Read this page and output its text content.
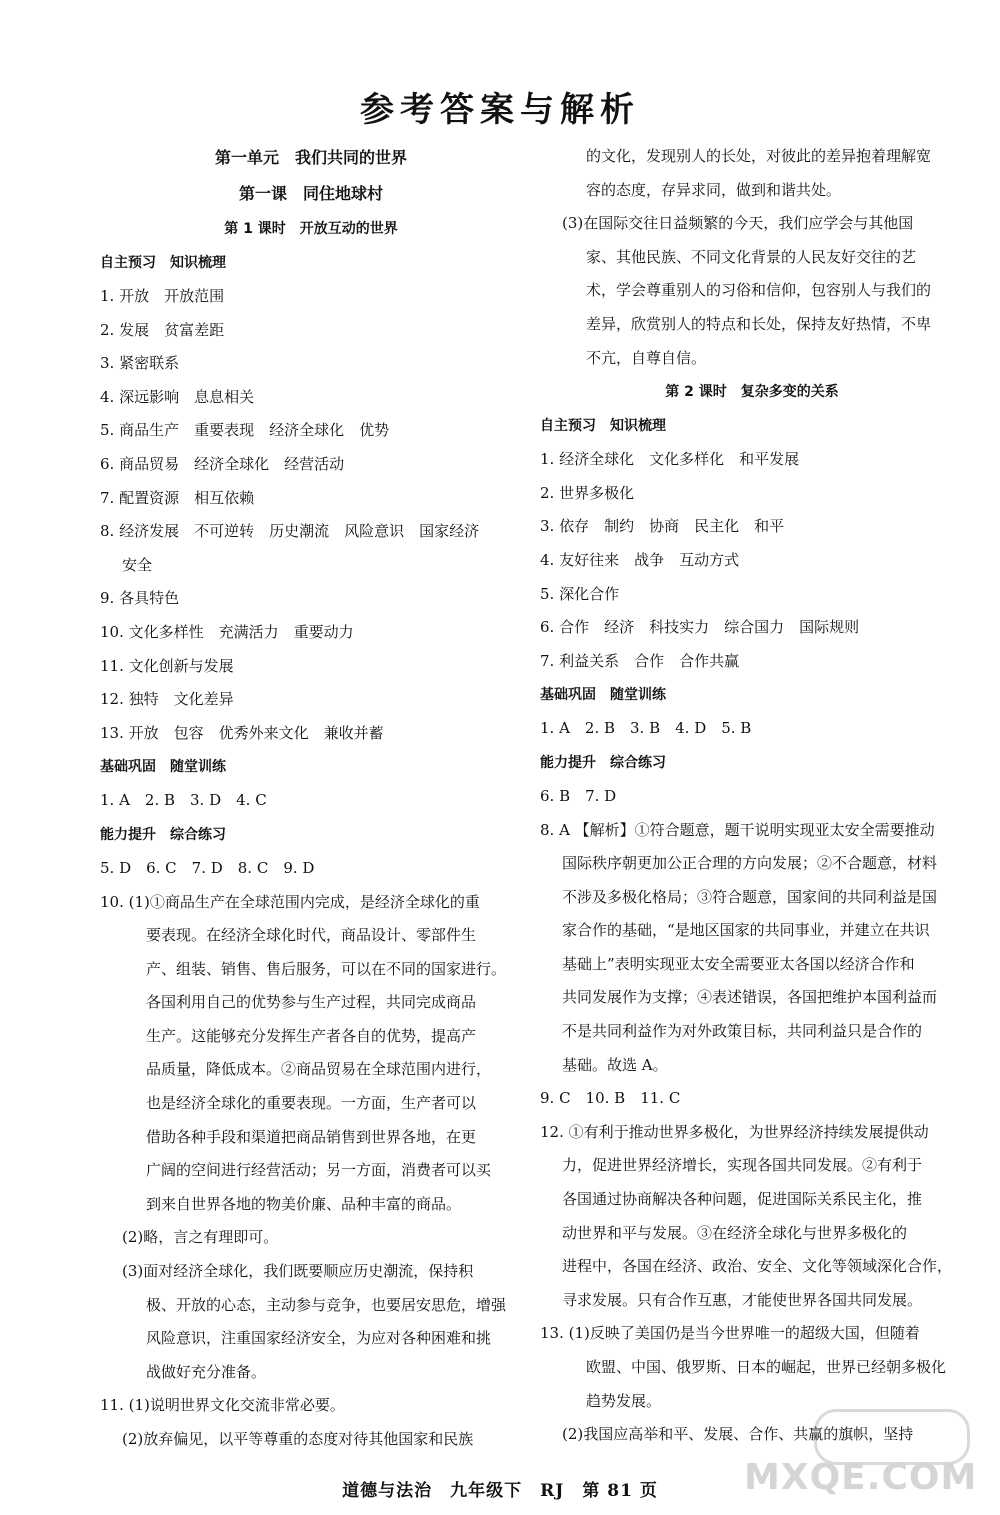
参考答案与解析
第一单元　我们共同的世界
第一课　同住地球村
第 1 课时　开放互动的世界
自主预习　知识梳理
1. 开放　开放范围
2. 发展　贫富差距
3. 紧密联系
4. 深远影响　息息相关
5. 商品生产　重要表现　经济全球化　优势
6. 商品贸易　经济全球化　经营活动
7. 配置资源　相互依赖
8. 经济发展　不可逆转　历史潮流　风险意识　国家经济
安全
9. 各具特色
10. 文化多样性　充满活力　重要动力
11. 文化创新与发展
12. 独特　文化差异
13. 开放　包容　优秀外来文化　兼收并蓄
基础巩固　随堂训练
1. A　2. B　3. D　4. C
能力提升　综合练习
5. D　6. C　7. D　8. C　9. D
10. (1)①商品生产在全球范围内完成，是经济全球化的重
要表现。在经济全球化时代，商品设计、零部件生
产、组装、销售、售后服务，可以在不同的国家进行。
各国利用自己的优势参与生产过程，共同完成商品
生产。这能够充分发挥生产者各自的优势，提高产
品质量，降低成本。②商品贸易在全球范围内进行，
也是经济全球化的重要表现。一方面，生产者可以
借助各种手段和渠道把商品销售到世界各地，在更
广阔的空间进行经营活动；另一方面，消费者可以买
到来自世界各地的物美价廉、品种丰富的商品。
(2)略，言之有理即可。
(3)面对经济全球化，我们既要顺应历史潮流，保持积
极、开放的心态，主动参与竞争，也要居安思危，增强
风险意识，注重国家经济安全，为应对各种困难和挑
战做好充分准备。
11. (1)说明世界文化交流非常必要。
(2)放弃偏见，以平等尊重的态度对待其他国家和民族
的文化，发现别人的长处，对彼此的差异抱着理解宽
容的态度，存异求同，做到和谐共处。
(3)在国际交往日益频繁的今天，我们应学会与其他国
家、其他民族、不同文化背景的人民友好交往的艺
术，学会尊重别人的习俗和信仰，包容别人与我们的
差异，欣赏别人的特点和长处，保持友好热情，不卑
不亢，自尊自信。
第 2 课时　复杂多变的关系
自主预习　知识梳理
1. 经济全球化　文化多样化　和平发展
2. 世界多极化
3. 依存　制约　协商　民主化　和平
4. 友好往来　战争　互动方式
5. 深化合作
6. 合作　经济　科技实力　综合国力　国际规则
7. 利益关系　合作　合作共赢
基础巩固　随堂训练
1. A　2. B　3. B　4. D　5. B
能力提升　综合练习
6. B　7. D
8. A 【解析】①符合题意，题干说明实现亚太安全需要推动
国际秩序朝更加公正合理的方向发展；②不合题意，材料
不涉及多极化格局；③符合题意，国家间的共同利益是国
家合作的基础，“是地区国家的共同事业，并建立在共识
基础上”表明实现亚太安全需要亚太各国以经济合作和
共同发展作为支撑；④表述错误，各国把维护本国利益而
不是共同利益作为对外政策目标，共同利益只是合作的
基础。故选 A。
9. C　10. B　11. C
12. ①有利于推动世界多极化，为世界经济持续发展提供动
力，促进世界经济增长，实现各国共同发展。②有利于
各国通过协商解决各种问题，促进国际关系民主化，推
动世界和平与发展。③在经济全球化与世界多极化的
进程中，各国在经济、政治、安全、文化等领域深化合作，
寻求发展。只有合作互惠，才能使世界各国共同发展。
13. (1)反映了美国仍是当今世界唯一的超级大国，但随着
欧盟、中国、俄罗斯、日本的崛起，世界已经朝多极化
趋势发展。
(2)我国应高举和平、发展、合作、共赢的旗帜，坚持
道德与法治　九年级下　RJ　第 81 页	MXQE.COM
